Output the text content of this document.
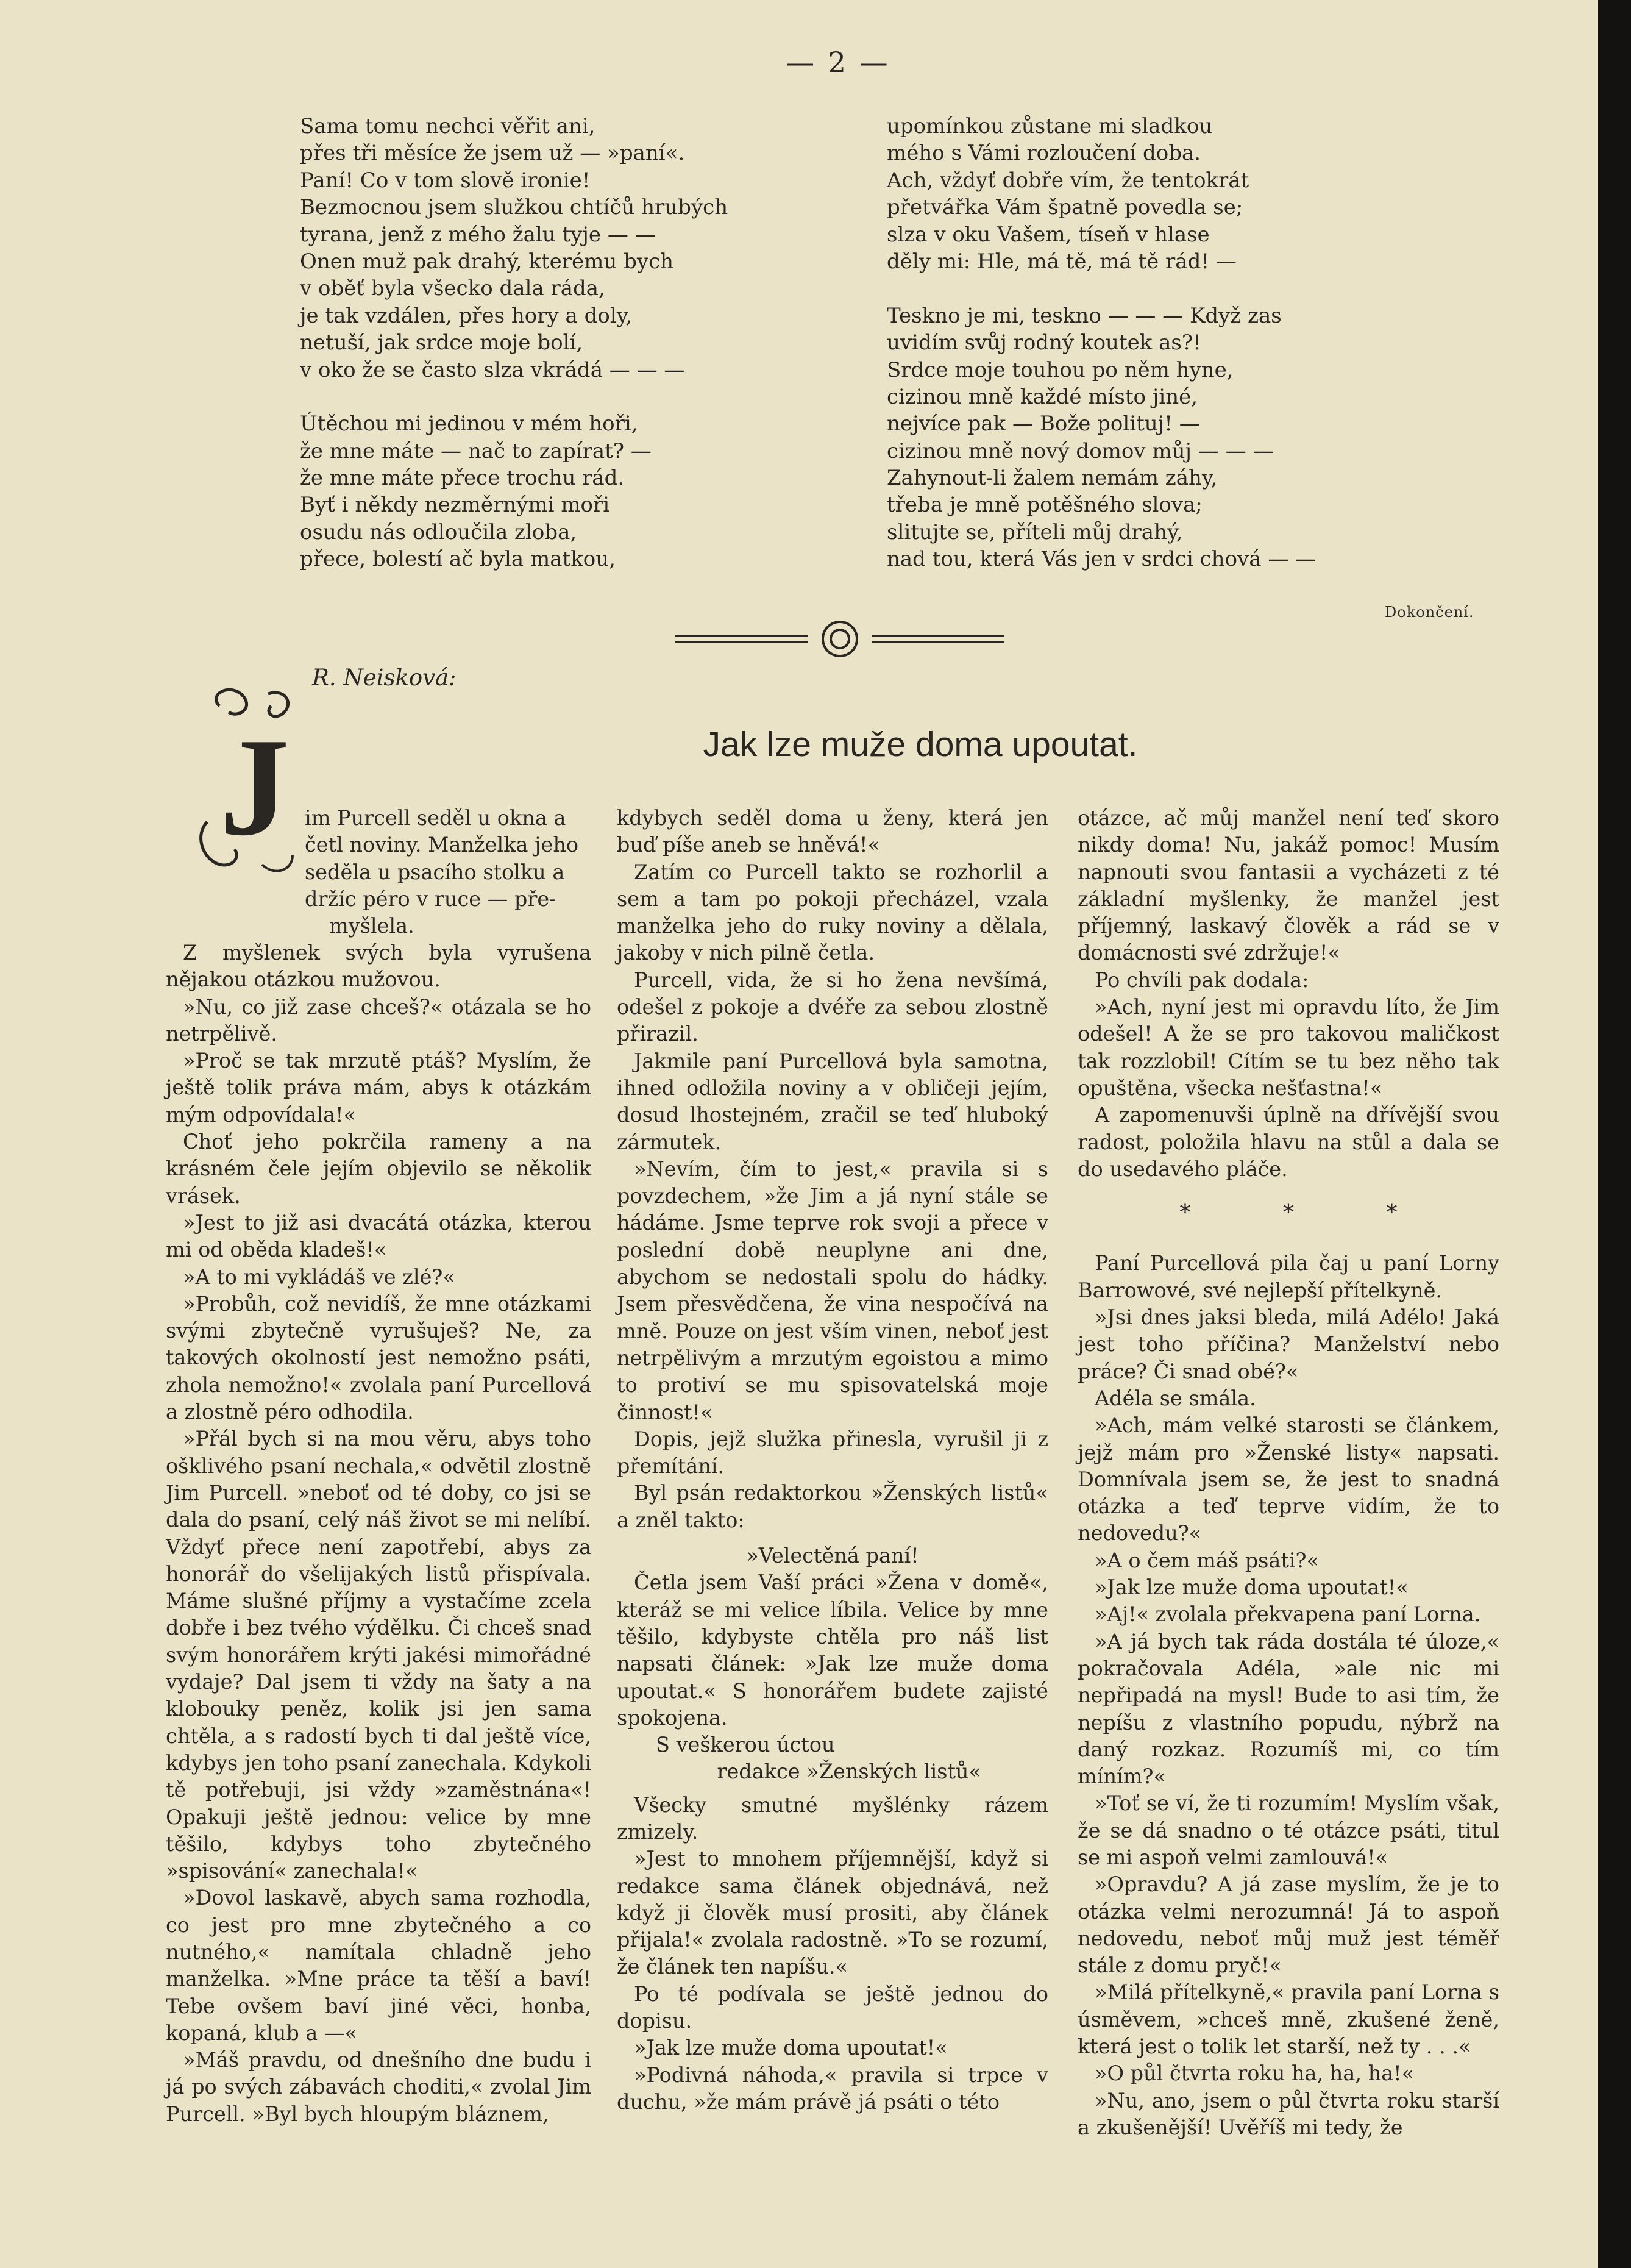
— 2 —
Sama tomu nechci věřit ani,
přes tři měsíce že jsem už — »paní«.
Paní! Co v tom slově ironie!
Bezmocnou jsem služkou chtíčů hrubých
tyrana, jenž z mého žalu tyje — —
Onen muž pak drahý, kterému bych
v oběť byla všecko dala ráda,
je tak vzdálen, přes hory a doly,
netuší, jak srdce moje bolí,
v oko že se často slza vkrádá — — —
Útěchou mi jedinou v mém hoři,
že mne máte — nač to zapírat? —
že mne máte přece trochu rád.
Byť i někdy nezměrnými moři
osudu nás odloučila zloba,
přece, bolestí ač byla matkou,
upomínkou zůstane mi sladkou
mého s Vámi rozloučení doba.
Ach, vždyť dobře vím, že tentokrát
přetvářka Vám špatně povedla se;
slza v oku Vašem, tíseň v hlase
děly mi: Hle, má tě, má tě rád! —
Teskno je mi, teskno — — — Když zas
uvidím svůj rodný koutek as?!
Srdce moje touhou po něm hyne,
cizinou mně každé místo jiné,
nejvíce pak — Bože polituj! —
cizinou mně nový domov můj — — —
Zahynout-li žalem nemám záhy,
třeba je mně potěšného slova;
slitujte se, příteli můj drahý,
nad tou, která Vás jen v srdci chová — —
Dokončení.
R. Neisková:
Jak lze muže doma upoutat.
J im Purcell seděl u okna a

četl noviny. Manželka jeho

seděla u psacího stolku a

držíc péro v ruce — pře-

myšlela.

Z myšlenek svých byla vyrušena nějakou otázkou mužovou.

»Nu, co již zase chceš?« otázala se ho netrpělivě.

»Proč se tak mrzutě ptáš? Myslím, že ještě tolik práva mám, abys k otázkám mým odpovídala!«

Choť jeho pokrčila rameny a na krásném čele jejím objevilo se několik vrásek.

»Jest to již asi dvacátá otázka, kterou mi od oběda kladeš!«

»A to mi vykládáš ve zlé?«

»Probůh, což nevidíš, že mne otázkami svými zbytečně vyrušuješ? Ne, za takových okolností jest nemožno psáti, zhola nemožno!« zvolala paní Purcellová a zlostně péro odhodila.

»Přál bych si na mou věru, abys toho ošklivého psaní nechala,« odvětil zlostně Jim Purcell. »neboť od té doby, co jsi se dala do psaní, celý náš život se mi nelíbí. Vždyť přece není zapotřebí, abys za honorář do všelijakých listů přispívala. Máme slušné příjmy a vystačíme zcela dobře i bez tvého výdělku. Či chceš snad svým honorářem krýti jakési mimořádné vydaje? Dal jsem ti vždy na šaty a na klobouky peněz, kolik jsi jen sama chtěla, a s radostí bych ti dal ještě více, kdybys jen toho psaní zanechala. Kdykoli tě potřebuji, jsi vždy »zaměstnána«! Opakuji ještě jednou: velice by mne těšilo, kdybys toho zbytečného »spisování« zanechala!«

»Dovol laskavě, abych sama rozhodla, co jest pro mne zbytečného a co nutného,« namítala chladně jeho manželka. »Mne práce ta těší a baví! Tebe ovšem baví jiné věci, honba, kopaná, klub a —«

»Máš pravdu, od dnešního dne budu i já po svých zábavách choditi,« zvolal Jim Purcell. »Byl bych hloupým bláznem,

kdybych seděl doma u ženy, která jen buď píše aneb se hněvá!«

Zatím co Purcell takto se rozhorlil a sem a tam po pokoji přecházel, vzala manželka jeho do ruky noviny a dělala, jakoby v nich pilně četla.

Purcell, vida, že si ho žena nevšímá, odešel z pokoje a dvéře za sebou zlostně přirazil.

Jakmile paní Purcellová byla samotna, ihned odložila noviny a v obličeji jejím, dosud lhostejném, zračil se teď hluboký zármutek.

»Nevím, čím to jest,« pravila si s povzdechem, »že Jim a já nyní stále se hádáme. Jsme teprve rok svoji a přece v poslední době neuplyne ani dne, abychom se nedostali spolu do hádky. Jsem přesvědčena, že vina nespočívá na mně. Pouze on jest vším vinen, neboť jest netrpělivým a mrzutým egoistou a mimo to protiví se mu spisovatelská moje činnost!«

Dopis, jejž služka přinesla, vyrušil ji z přemítání.

Byl psán redaktorkou »Ženských listů« a zněl takto:

»Velectěná paní!

Četla jsem Vaší práci »Žena v domě«, kteráž se mi velice líbila. Velice by mne těšilo, kdybyste chtěla pro náš list napsati článek: »Jak lze muže doma upoutat.« S honorářem budete zajisté spokojena.

S veškerou úctou

redakce »Ženských listů«

Všecky smutné myšlénky rázem zmizely.

»Jest to mnohem příjemnější, když si redakce sama článek objednává, než když ji člověk musí prositi, aby článek přijala!« zvolala radostně. »To se rozumí, že článek ten napíšu.«

Po té podívala se ještě jednou do dopisu.

»Jak lze muže doma upoutat!«

»Podivná náhoda,« pravila si trpce v duchu, »že mám právě já psáti o této

otázce, ač můj manžel není teď skoro nikdy doma! Nu, jakáž pomoc! Musím napnouti svou fantasii a vycházeti z té základní myšlenky, že manžel jest příjemný, laskavý člověk a rád se v domácnosti své zdržuje!«

Po chvíli pak dodala:

»Ach, nyní jest mi opravdu líto, že Jim odešel! A že se pro takovou maličkost tak rozzlobil! Cítím se tu bez něho tak opuštěna, všecka nešťastna!«

A zapomenuvši úplně na dřívější svou radost, položila hlavu na stůl a dala se do usedavého pláče.

* * *

Paní Purcellová pila čaj u paní Lorny Barrowové, své nejlepší přítelkyně.

»Jsi dnes jaksi bleda, milá Adélo! Jaká jest toho příčina? Manželství nebo práce? Či snad obé?«

Adéla se smála.

»Ach, mám velké starosti se článkem, jejž mám pro »Ženské listy« napsati. Domnívala jsem se, že jest to snadná otázka a teď teprve vidím, že to nedovedu?«

»A o čem máš psáti?«

»Jak lze muže doma upoutat!«

»Aj!« zvolala překvapena paní Lorna.

»A já bych tak ráda dostála té úloze,« pokračovala Adéla, »ale nic mi nepřipadá na mysl! Bude to asi tím, že nepíšu z vlastního popudu, nýbrž na daný rozkaz. Rozumíš mi, co tím míním?«

»Toť se ví, že ti rozumím! Myslím však, že se dá snadno o té otázce psáti, titul se mi aspoň velmi zamlouvá!«

»Opravdu? A já zase myslím, že je to otázka velmi nerozumná! Já to aspoň nedovedu, neboť můj muž jest téměř stále z domu pryč!«

»Milá přítelkyně,« pravila paní Lorna s úsměvem, »chceš mně, zkušené ženě, která jest o tolik let starší, než ty . . .«

»O půl čtvrta roku ha, ha, ha!«

»Nu, ano, jsem o půl čtvrta roku starší a zkušenější! Uvěříš mi tedy, že
